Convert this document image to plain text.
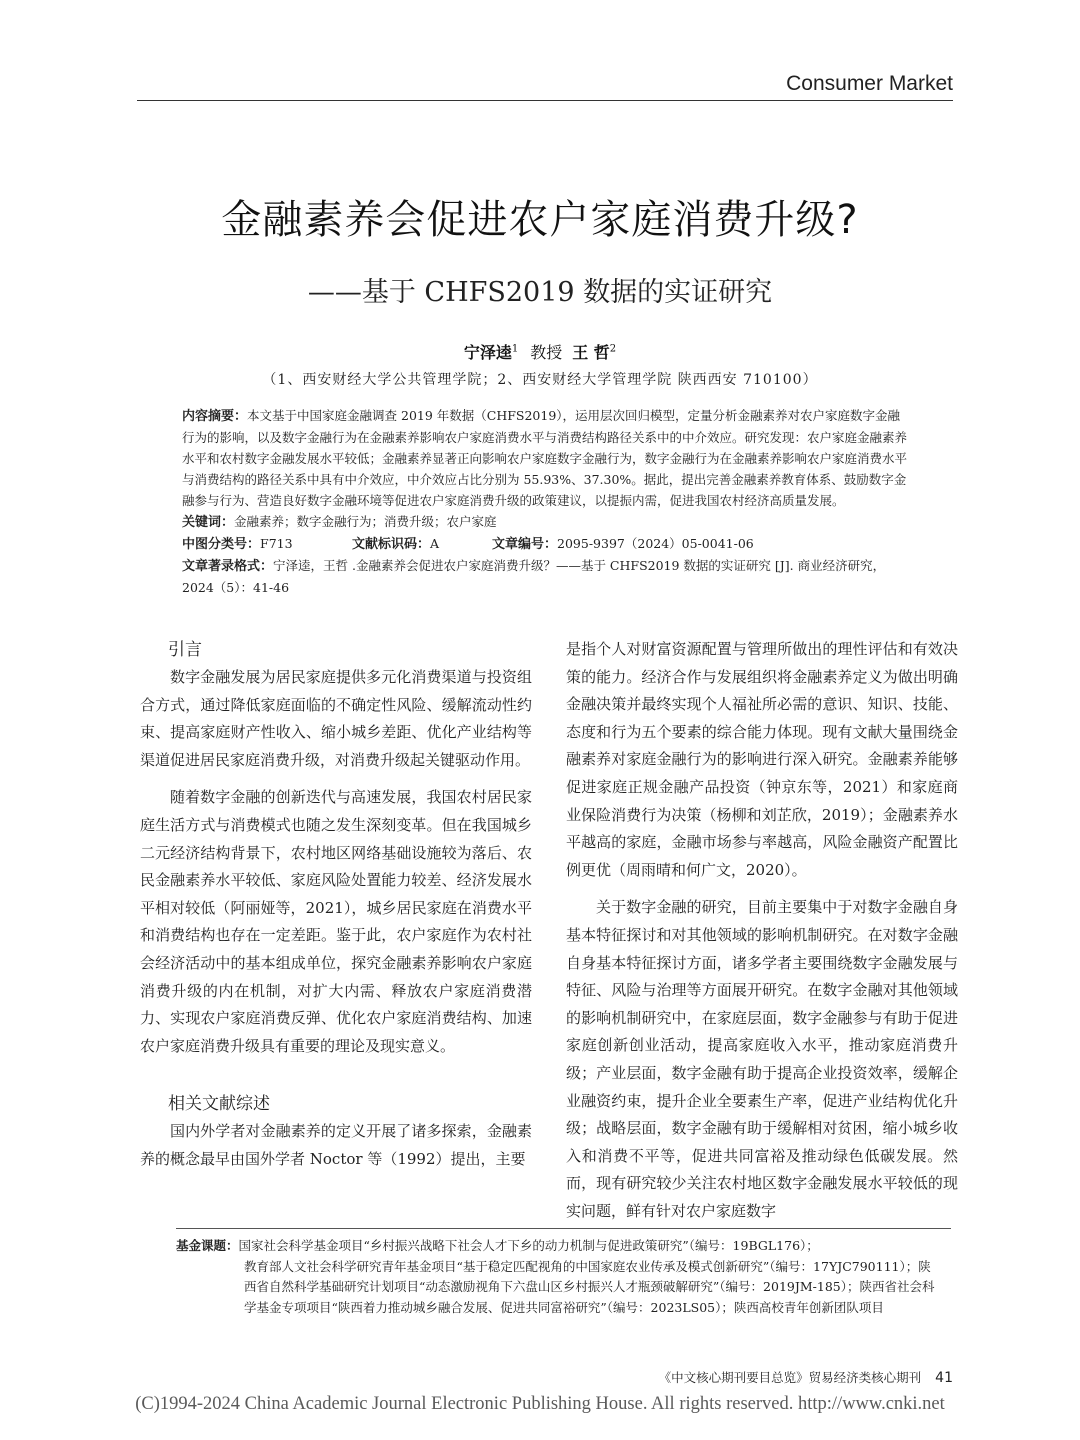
Consumer Market
金融素养会促进农户家庭消费升级?
——基于 CHFS2019 数据的实证研究
宁泽逵$^1$ 教授 王 哲$^2$
（1、西安财经大学公共管理学院；2、西安财经大学管理学院 陕西西安 710100）

内容摘要：本文基于中国家庭金融调查 2019 年数据（CHFS2019），运用层次回归模型，定量分析金融素养对农户家庭数字金融行为的影响，以及数字金融行为在金融素养影响农户家庭消费水平与消费结构路径关系中的中介效应。研究发现：农户家庭金融素养水平和农村数字金融发展水平较低；金融素养显著正向影响农户家庭数字金融行为，数字金融行为在金融素养影响农户家庭消费水平与消费结构的路径关系中具有中介效应，中介效应占比分别为 55.93%、37.30%。据此，提出完善金融素养教育体系、鼓励数字金融参与行为、营造良好数字金融环境等促进农户家庭消费升级的政策建议，以提振内需，促进我国农村经济高质量发展。

关键词：金融素养；数字金融行为；消费升级；农户家庭

中图分类号：F713	文献标识码：A	文章编号：2095-9397（2024）05-0041-06

文章著录格式：宁泽逵，王哲 .金融素养会促进农户家庭消费升级？——基于 CHFS2019 数据的实证研究 [J]. 商业经济研究，2024（5）：41-46

引言

数字金融发展为居民家庭提供多元化消费渠道与投资组合方式，通过降低家庭面临的不确定性风险、缓解流动性约束、提高家庭财产性收入、缩小城乡差距、优化产业结构等渠道促进居民家庭消费升级，对消费升级起关键驱动作用。

随着数字金融的创新迭代与高速发展，我国农村居民家庭生活方式与消费模式也随之发生深刻变革。但在我国城乡二元经济结构背景下，农村地区网络基础设施较为落后、农民金融素养水平较低、家庭风险处置能力较差、经济发展水平相对较低（阿丽娅等，2021），城乡居民家庭在消费水平和消费结构也存在一定差距。鉴于此，农户家庭作为农村社会经济活动中的基本组成单位，探究金融素养影响农户家庭消费升级的内在机制，对扩大内需、释放农户家庭消费潜力、实现农户家庭消费反弹、优化农户家庭消费结构、加速农户家庭消费升级具有重要的理论及现实意义。

相关文献综述

国内外学者对金融素养的定义开展了诸多探索，金融素养的概念最早由国外学者 Noctor 等（1992）提出，主要

是指个人对财富资源配置与管理所做出的理性评估和有效决策的能力。经济合作与发展组织将金融素养定义为做出明确金融决策并最终实现个人福祉所必需的意识、知识、技能、态度和行为五个要素的综合能力体现。现有文献大量围绕金融素养对家庭金融行为的影响进行深入研究。金融素养能够促进家庭正规金融产品投资（钟京东等，2021）和家庭商业保险消费行为决策（杨柳和刘芷欣，2019）；金融素养水平越高的家庭，金融市场参与率越高，风险金融资产配置比例更优（周雨晴和何广文，2020）。

关于数字金融的研究，目前主要集中于对数字金融自身基本特征探讨和对其他领域的影响机制研究。在对数字金融自身基本特征探讨方面，诸多学者主要围绕数字金融发展与特征、风险与治理等方面展开研究。在数字金融对其他领域的影响机制研究中，在家庭层面，数字金融参与有助于促进家庭创新创业活动，提高家庭收入水平，推动家庭消费升级；产业层面，数字金融有助于提高企业投资效率，缓解企业融资约束，提升企业全要素生产率，促进产业结构优化升级；战略层面，数字金融有助于缓解相对贫困，缩小城乡收入和消费不平等，促进共同富裕及推动绿色低碳发展。然而，现有研究较少关注农村地区数字金融发展水平较低的现实问题，鲜有针对农户家庭数字

基金课题：国家社会科学基金项目“乡村振兴战略下社会人才下乡的动力机制与促进政策研究”（编号：19BGL176）；

教育部人文社会科学研究青年基金项目“基于稳定匹配视角的中国家庭农业传承及模式创新研究”（编号：17YJC790111）；陕西省自然科学基础研究计划项目“动态激励视角下六盘山区乡村振兴人才瓶颈破解研究”（编号：2019JM-185）；陕西省社会科学基金专项项目“陕西着力推动城乡融合发展、促进共同富裕研究”（编号：2023LS05）；陕西高校青年创新团队项目

《中文核心期刊要目总览》贸易经济类核心期刊 41
(C)1994-2024 China Academic Journal Electronic Publishing House. All rights reserved. http://www.cnki.net
